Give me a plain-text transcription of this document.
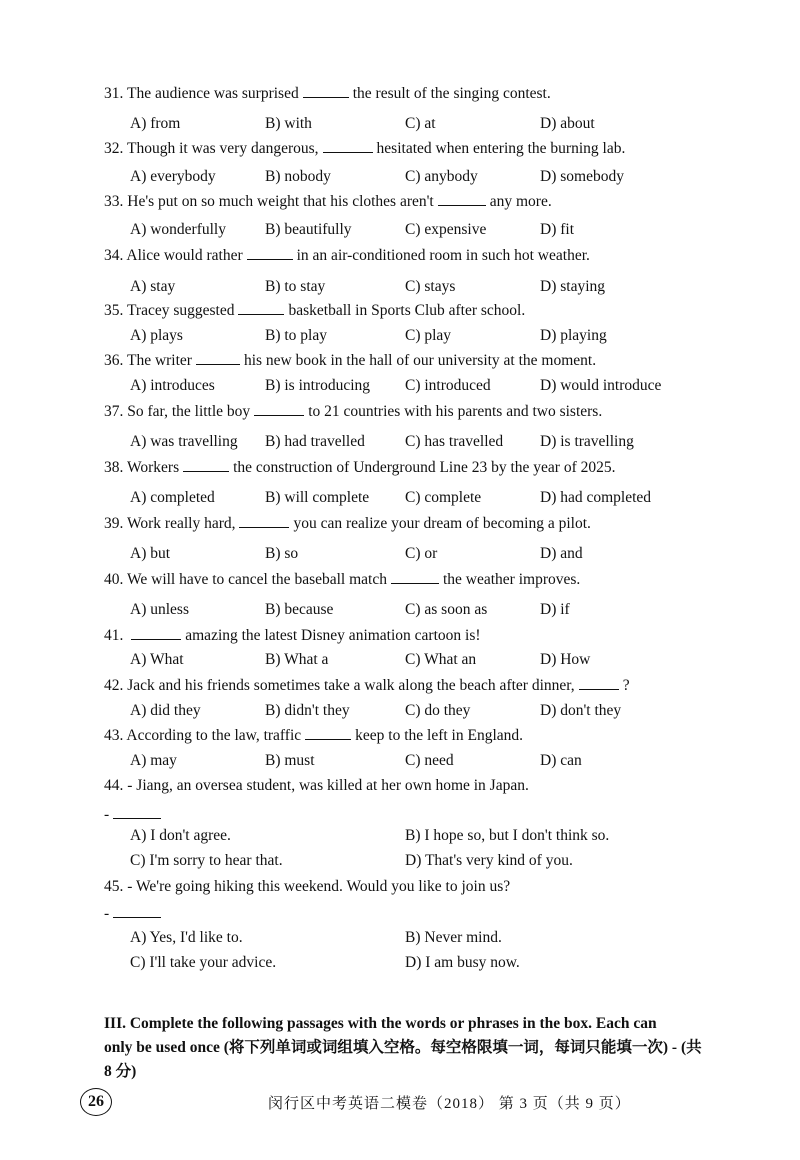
31. The audience was surprised	the result of the singing contest.
A) from	B) with	C) at	D) about
32. Though it was very dangerous,	hesitated when entering the burning lab.
A) everybody	B) nobody	C) anybody	D) somebody
33. He's put on so much weight that his clothes aren't	any more.
A) wonderfully	B) beautifully	C) expensive	D) fit
34. Alice would rather	in an air-conditioned room in such hot weather.
A) stay	B) to stay	C) stays	D) staying
35. Tracey suggested	basketball in Sports Club after school.
A) plays	B) to play	C) play	D) playing
36. The writer	his new book in the hall of our university at the moment.
A) introduces	B) is introducing C) introduced	D) would introduce
37. So far, the little boy	to 21 countries with his parents and two sisters.
A) was travelling B) had travelled	C) has travelled D) is travelling
38. Workers	the construction of Underground Line 23 by the year of 2025.
A) completed	B) will complete C) complete	D) had completed
39. Work really hard,	you can realize your dream of becoming a pilot.
A) but	B) so	C) or	D) and
40. We will have to cancel the baseball match	the weather improves.
A) unless	B) because	C) as soon as	D) if
41.	amazing the latest Disney animation cartoon is!
A) What	B) What a	C) What an	D) How
42. Jack and his friends sometimes take a walk along the beach after dinner,	?
A) did they	B) didn't they	C) do they	D) don't they
43. According to the law, traffic	keep to the left in England.
A) may	B) must	C) need	D) can
44. - Jiang, an oversea student, was killed at her own home in Japan.
-
A) I don't agree.	B) I hope so, but I don't think so.
C) I'm sorry to hear that.	D) That's very kind of you.
45. - We're going hiking this weekend. Would you like to join us?
-
A) Yes, I'd like to.	B) Never mind.
C) I'll take your advice.	D) I am busy now.
III. Complete the following passages with the words or phrases in the box. Each can
only be used once (将下列单词或词组填入空格。每空格限填一词，每词只能填一次) - (共
8 分)
26	闵行区中考英语二模卷（2018） 第 3 页（共 9 页）
